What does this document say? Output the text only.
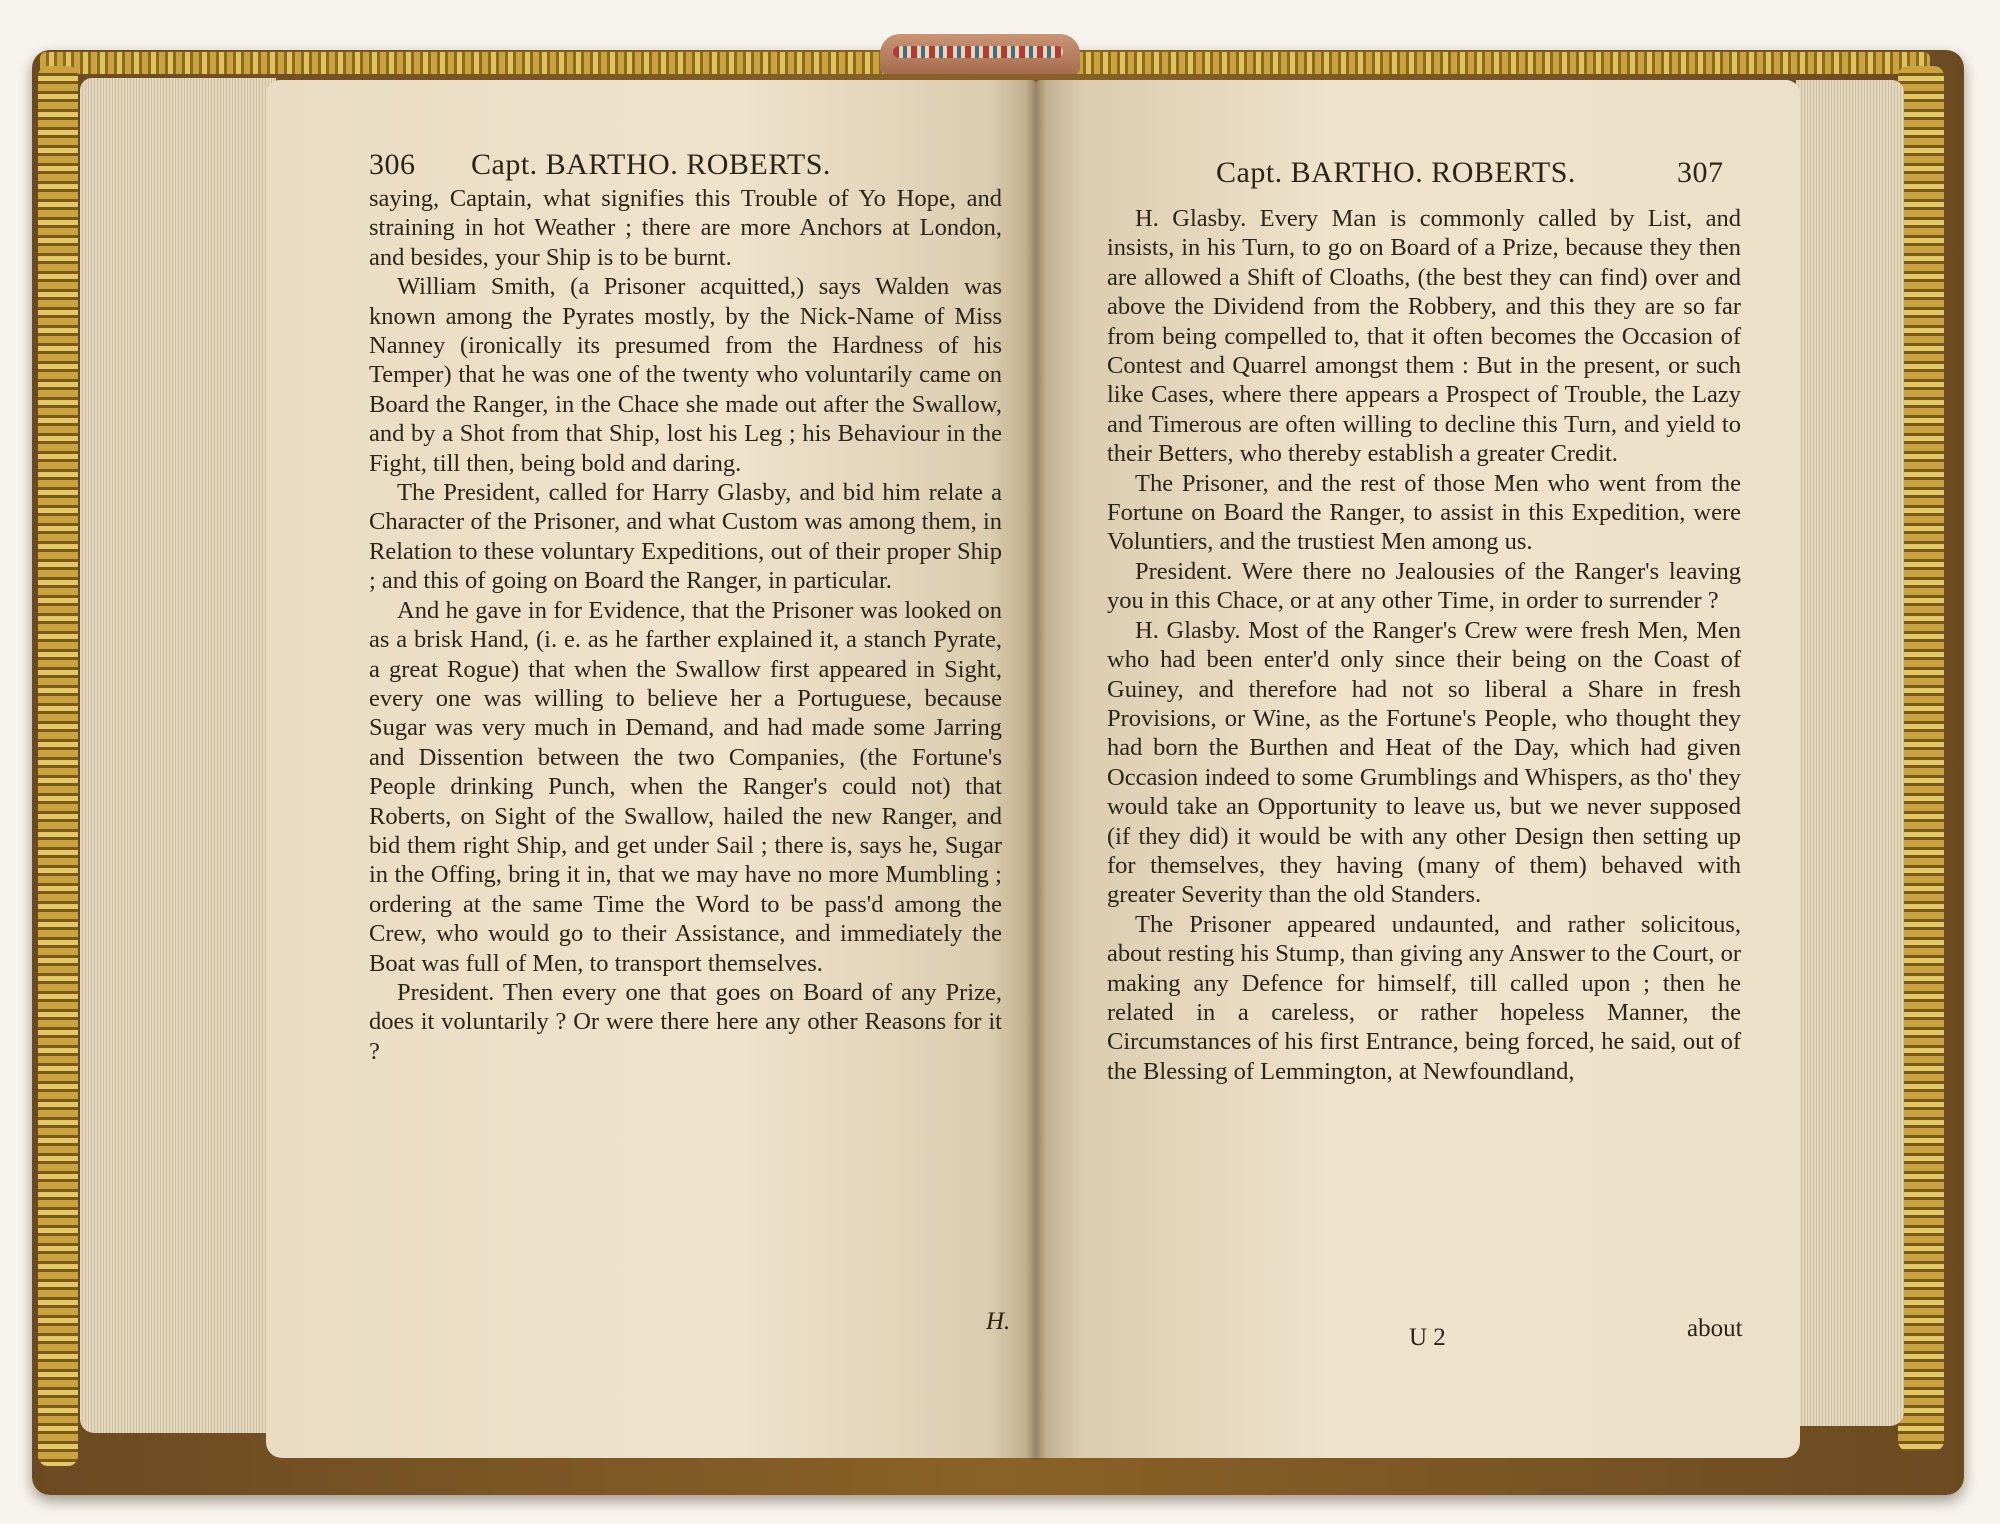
306 Capt. BARTHO. ROBERTS.

saying, Captain, what signifies this Trouble of Yo Hope, and straining in hot Weather ; there are more Anchors at London, and besides, your Ship is to be burnt.

William Smith, (a Prisoner acquitted,) says Walden was known among the Pyrates mostly, by the Nick-Name of Miss Nanney (ironically its presumed from the Hardness of his Temper) that he was one of the twenty who voluntarily came on Board the Ranger, in the Chace she made out after the Swallow, and by a Shot from that Ship, lost his Leg ; his Behaviour in the Fight, till then, being bold and daring.

The President, called for Harry Glasby, and bid him relate a Character of the Prisoner, and what Custom was among them, in Relation to these voluntary Expeditions, out of their proper Ship ; and this of going on Board the Ranger, in particular.

And he gave in for Evidence, that the Prisoner was looked on as a brisk Hand, (i. e. as he farther explained it, a stanch Pyrate, a great Rogue) that when the Swallow first appeared in Sight, every one was willing to believe her a Portuguese, because Sugar was very much in Demand, and had made some Jarring and Dissention between the two Companies, (the Fortune's People drinking Punch, when the Ranger's could not) that Roberts, on Sight of the Swallow, hailed the new Ranger, and bid them right Ship, and get under Sail ; there is, says he, Sugar in the Offing, bring it in, that we may have no more Mumbling ; ordering at the same Time the Word to be pass'd among the Crew, who would go to their Assistance, and immediately the Boat was full of Men, to transport themselves.

President. Then every one that goes on Board of any Prize, does it voluntarily ? Or were there here any other Reasons for it ?

H.
Capt. BARTHO. ROBERTS.	307

H. Glasby. Every Man is commonly called by List, and insists, in his Turn, to go on Board of a Prize, because they then are allowed a Shift of Cloaths, (the best they can find) over and above the Dividend from the Robbery, and this they are so far from being compelled to, that it often becomes the Occasion of Contest and Quarrel amongst them : But in the present, or such like Cases, where there appears a Prospect of Trouble, the Lazy and Timerous are often willing to decline this Turn, and yield to their Betters, who thereby establish a greater Credit.

The Prisoner, and the rest of those Men who went from the Fortune on Board the Ranger, to assist in this Expedition, were Voluntiers, and the trustiest Men among us.

President. Were there no Jealousies of the Ranger's leaving you in this Chace, or at any other Time, in order to surrender ?

H. Glasby. Most of the Ranger's Crew were fresh Men, Men who had been enter'd only since their being on the Coast of Guiney, and therefore had not so liberal a Share in fresh Provisions, or Wine, as the Fortune's People, who thought they had born the Burthen and Heat of the Day, which had given Occasion indeed to some Grumblings and Whispers, as tho' they would take an Opportunity to leave us, but we never supposed (if they did) it would be with any other Design then setting up for themselves, they having (many of them) behaved with greater Severity than the old Standers.

The Prisoner appeared undaunted, and rather solicitous, about resting his Stump, than giving any Answer to the Court, or making any Defence for himself, till called upon ; then he related in a careless, or rather hopeless Manner, the Circumstances of his first Entrance, being forced, he said, out of the Blessing of Lemmington, at Newfoundland,

U 2	about
